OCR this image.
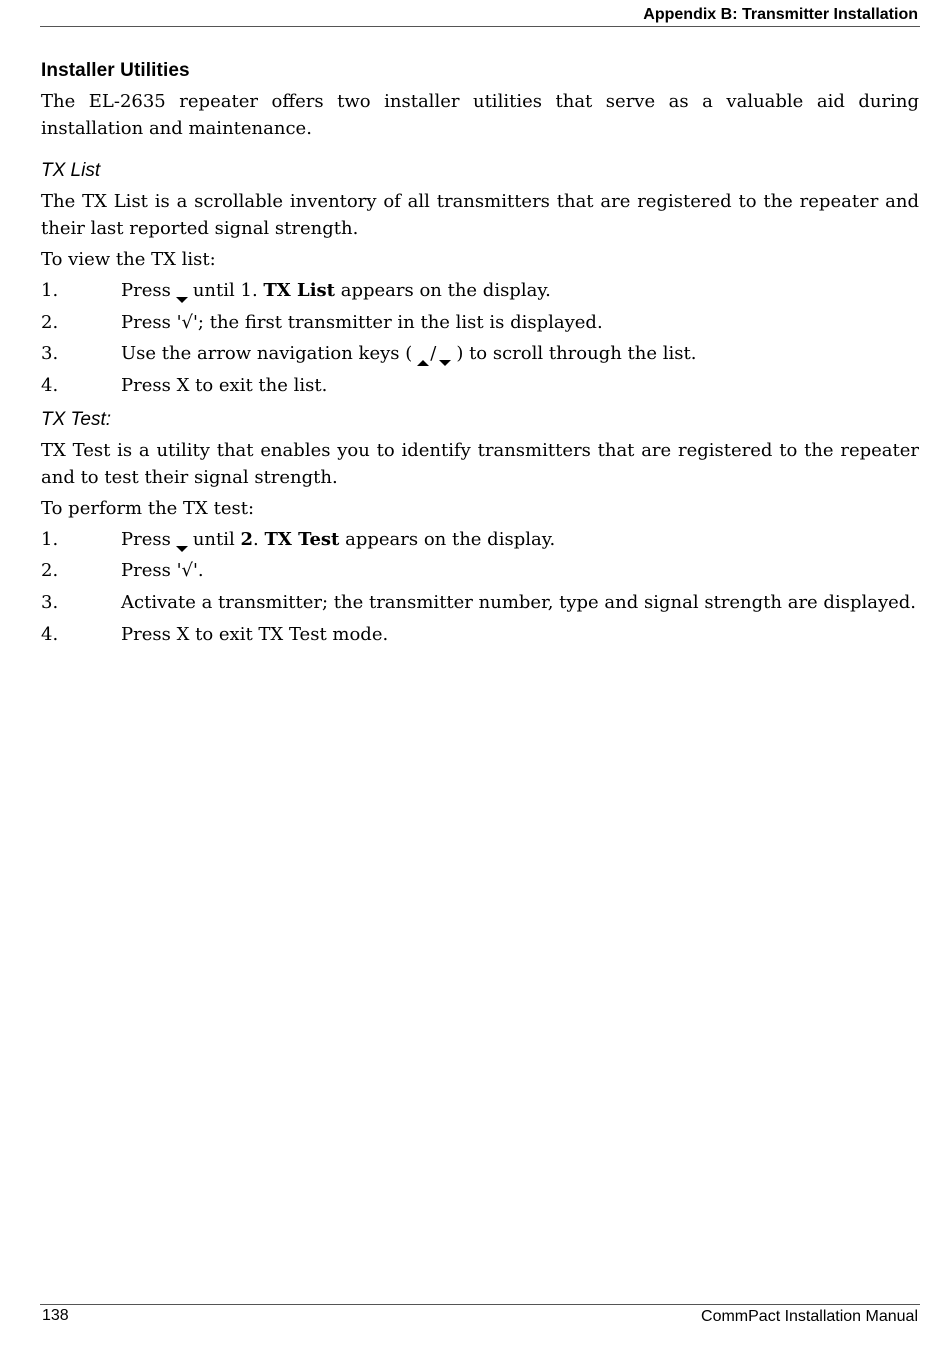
Appendix B: Transmitter Installation
Installer Utilities

The EL-2635 repeater offers two installer utilities that serve as a valuable aid during installation and maintenance.

TX List

The TX List is a scrollable inventory of all transmitters that are registered to the repeater and their last reported signal strength.

To view the TX list:

1.	Press until 1. TX List appears on the display.
2.	Press '√'; the first transmitter in the list is displayed.
3.	Use the arrow navigation keys ( / ) to scroll through the list.
4.	Press X to exit the list.
TX Test:

TX Test is a utility that enables you to identify transmitters that are registered to the repeater and to test their signal strength.

To perform the TX test:

1.	Press until 2. TX Test appears on the display.
2.	Press '√'.
3.	Activate a transmitter; the transmitter number, type and signal strength are displayed.
4.	Press X to exit TX Test mode.
138	CommPact Installation Manual
